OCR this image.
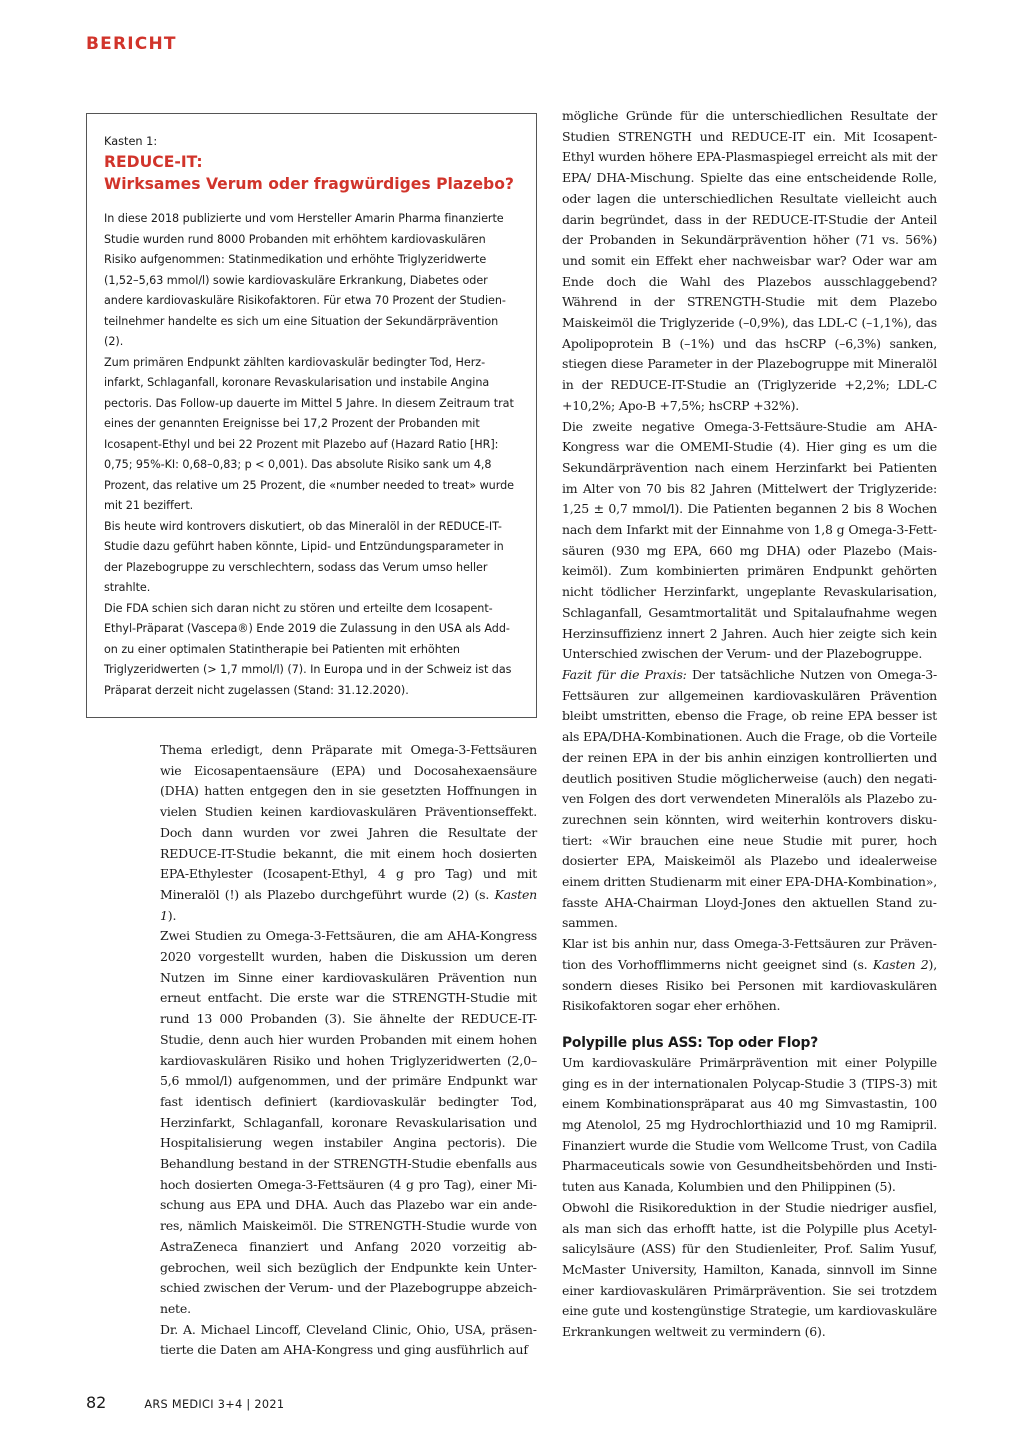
BERICHT

Kasten 1:

REDUCE-IT:
Wirksames Verum oder fragwürdiges Plazebo?

In diese 2018 publizierte und vom Hersteller Amarin Pharma finanzierte Studie wurden rund 8000 Probanden mit erhöhtem kardiovaskulären Risiko aufgenommen: Statinmedikation und erhöhte Triglyzeridwerte (1,52–5,63 mmol/l) sowie kardiovaskuläre Erkrankung, Diabetes oder andere kardiovaskuläre Risikofaktoren. Für etwa 70 Prozent der Studienteilnehmer handelte es sich um eine Situation der Sekundärprävention (2).

Zum primären Endpunkt zählten kardiovaskulär bedingter Tod, Herzinfarkt, Schlaganfall, koronare Revaskularisation und instabile Angina pectoris. Das Follow-up dauerte im Mittel 5 Jahre. In diesem Zeitraum trat eines der genannten Ereignisse bei 17,2 Prozent der Probanden mit Icosapent-Ethyl und bei 22 Prozent mit Plazebo auf (Hazard Ratio [HR]: 0,75; 95%-KI: 0,68–0,83; p < 0,001). Das absolute Risiko sank um 4,8 Prozent, das relative um 25 Prozent, die «number needed to treat» wurde mit 21 beziffert.

Bis heute wird kontrovers diskutiert, ob das Mineralöl in der REDUCE-IT-Studie dazu geführt haben könnte, Lipid- und Entzündungsparameter in der Plazebogruppe zu verschlechtern, sodass das Verum umso heller strahlte.

Die FDA schien sich daran nicht zu stören und erteilte dem Icosapent-Ethyl-Präparat (Vascepa®) Ende 2019 die Zulassung in den USA als Add-on zu einer optimalen Statintherapie bei Patienten mit erhöhten Triglyzeridwerten (> 1,7 mmol/l) (7). In Europa und in der Schweiz ist das Präparat derzeit nicht zugelassen (Stand: 31.12.2020).

Thema erledigt, denn Präparate mit Omega-3-Fettsäuren wie Eicosapentaensäure (EPA) und Docosahexaensäure (DHA) hatten entgegen den in sie gesetzten Hoffnungen in vielen Studien keinen kardiovaskulären Präventionseffekt. Doch dann wurden vor zwei Jahren die Resultate der REDUCE-IT-Studie bekannt, die mit einem hoch dosierten EPA-Ethylester (Icosapent-Ethyl, 4 g pro Tag) und mit Mineralöl (!) als Plazebo durchgeführt wurde (2) (s. Kasten 1).

Zwei Studien zu Omega-3-Fettsäuren, die am AHA-Kongress 2020 vorgestellt wurden, haben die Diskussion um deren Nutzen im Sinne einer kardiovaskulären Prävention nun erneut entfacht. Die erste war die STRENGTH-Studie mit rund 13 000 Probanden (3). Sie ähnelte der REDUCE-IT-Studie, denn auch hier wurden Probanden mit einem hohen kardiovaskulären Risiko und hohen Triglyzeridwerten (2,0–5,6 mmol/l) aufgenommen, und der primäre Endpunkt war fast identisch definiert (kardiovaskulär bedingter Tod, Herzinfarkt, Schlaganfall, koronare Revaskularisation und Hospitalisierung wegen instabiler Angina pectoris). Die Behandlung bestand in der STRENGTH-Studie ebenfalls aus hoch dosierten Omega-3-Fettsäuren (4 g pro Tag), einer Mischung aus EPA und DHA. Auch das Plazebo war ein anderes, nämlich Maiskeimöl. Die STRENGTH-Studie wurde von AstraZeneca finanziert und Anfang 2020 vorzeitig abgebrochen, weil sich bezüglich der Endpunkte kein Unterschied zwischen der Verum- und der Plazebogruppe abzeichnete.

Dr. A. Michael Lincoff, Cleveland Clinic, Ohio, USA, präsentierte die Daten am AHA-Kongress und ging ausführlich auf

mögliche Gründe für die unterschiedlichen Resultate der Studien STRENGTH und REDUCE-IT ein. Mit Icosapent-Ethyl wurden höhere EPA-Plasmaspiegel erreicht als mit der EPA/ DHA-Mischung. Spielte das eine entscheidende Rolle, oder lagen die unterschiedlichen Resultate vielleicht auch darin begründet, dass in der REDUCE-IT-Studie der Anteil der Probanden in Sekundärprävention höher (71 vs. 56%) und somit ein Effekt eher nachweisbar war? Oder war am Ende doch die Wahl des Plazebos ausschlaggebend? Während in der STRENGTH-Studie mit dem Plazebo Maiskeimöl die Triglyzeride (–0,9%), das LDL-C (–1,1%), das Apolipoprotein B (–1%) und das hsCRP (–6,3%) sanken, stiegen diese Parameter in der Plazebogruppe mit Mineralöl in der REDUCE-IT-Studie an (Triglyzeride +2,2%; LDL-C +10,2%; Apo-B +7,5%; hsCRP +32%).

Die zweite negative Omega-3-Fettsäure-Studie am AHA-Kongress war die OMEMI-Studie (4). Hier ging es um die Sekundärprävention nach einem Herzinfarkt bei Patienten im Alter von 70 bis 82 Jahren (Mittelwert der Triglyzeride: 1,25 ± 0,7 mmol/l). Die Patienten begannen 2 bis 8 Wochen nach dem Infarkt mit der Einnahme von 1,8 g Omega-3-Fettsäuren (930 mg EPA, 660 mg DHA) oder Plazebo (Maiskeimöl). Zum kombinierten primären Endpunkt gehörten nicht tödlicher Herzinfarkt, ungeplante Revaskularisation, Schlaganfall, Gesamtmortalität und Spitalaufnahme wegen Herzinsuffizienz innert 2 Jahren. Auch hier zeigte sich kein Unterschied zwischen der Verum- und der Plazebogruppe.

Fazit für die Praxis: Der tatsächliche Nutzen von Omega-3-Fettsäuren zur allgemeinen kardiovaskulären Prävention bleibt umstritten, ebenso die Frage, ob reine EPA besser ist als EPA/DHA-Kombinationen. Auch die Frage, ob die Vorteile der reinen EPA in der bis anhin einzigen kontrollierten und deutlich positiven Studie möglicherweise (auch) den negativen Folgen des dort verwendeten Mineralöls als Plazebo zuzurechnen sein könnten, wird weiterhin kontrovers diskutiert: «Wir brauchen eine neue Studie mit purer, hoch dosierter EPA, Maiskeimöl als Plazebo und idealerweise einem dritten Studienarm mit einer EPA-DHA-Kombination», fasste AHA-Chairman Lloyd-Jones den aktuellen Stand zusammen.

Klar ist bis anhin nur, dass Omega-3-Fettsäuren zur Prävention des Vorhofflimmerns nicht geeignet sind (s. Kasten 2), sondern dieses Risiko bei Personen mit kardiovaskulären Risikofaktoren sogar eher erhöhen.

Polypille plus ASS: Top oder Flop?

Um kardiovaskuläre Primärprävention mit einer Polypille ging es in der internationalen Polycap-Studie 3 (TIPS-3) mit einem Kombinationspräparat aus 40 mg Simvastastin, 100 mg Atenolol, 25 mg Hydrochlorthiazid und 10 mg Ramipril. Finanziert wurde die Studie vom Wellcome Trust, von Cadila Pharmaceuticals sowie von Gesundheitsbehörden und Instituten aus Kanada, Kolumbien und den Philippinen (5).

Obwohl die Risikoreduktion in der Studie niedriger ausfiel, als man sich das erhofft hatte, ist die Polypille plus Acetylsalicylsäure (ASS) für den Studienleiter, Prof. Salim Yusuf, McMaster University, Hamilton, Kanada, sinnvoll im Sinne einer kardiovaskulären Primärprävention. Sie sei trotzdem eine gute und kostengünstige Strategie, um kardiovaskuläre Erkrankungen weltweit zu vermindern (6).

82	ARS MEDICI 3+4 | 2021
